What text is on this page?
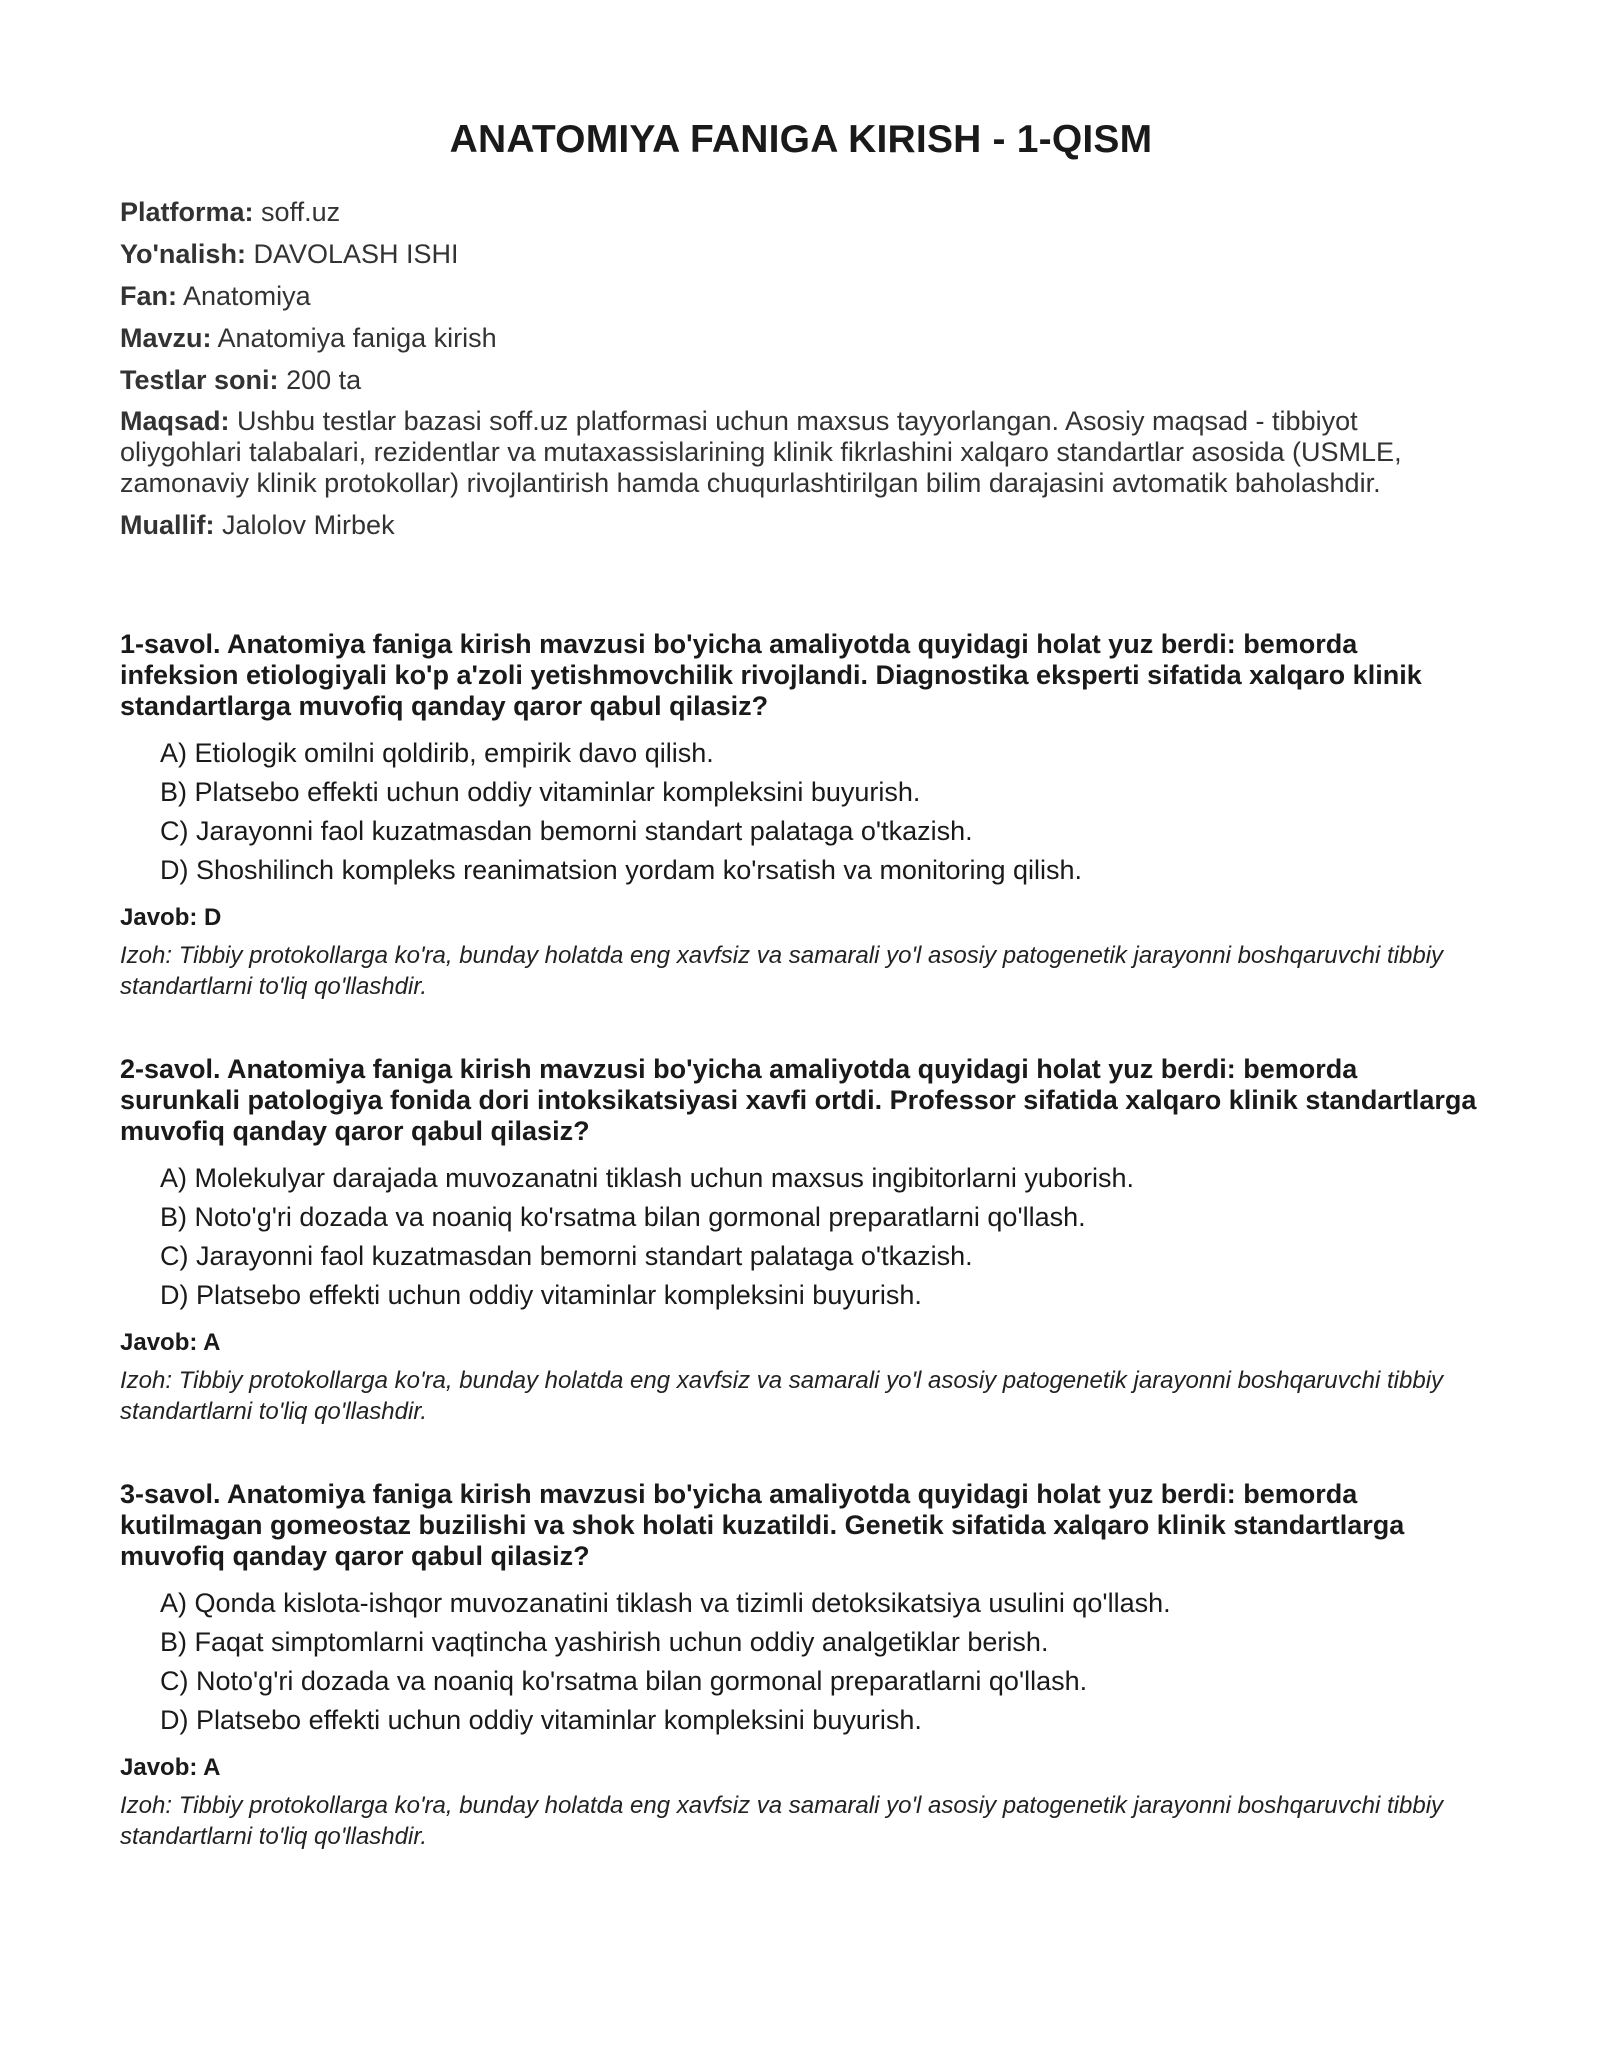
ANATOMIYA FANIGA KIRISH - 1-QISM

Platforma: soff.uz

Yo'nalish: DAVOLASH ISHI

Fan: Anatomiya

Mavzu: Anatomiya faniga kirish

Testlar soni: 200 ta

Maqsad: Ushbu testlar bazasi soff.uz platformasi uchun maxsus tayyorlangan. Asosiy maqsad - tibbiyot oliygohlari talabalari, rezidentlar va mutaxassislarining klinik fikrlashini xalqaro standartlar asosida (USMLE, zamonaviy klinik protokollar) rivojlantirish hamda chuqurlashtirilgan bilim darajasini avtomatik baholashdir.

Muallif: Jalolov Mirbek

1-savol. Anatomiya faniga kirish mavzusi bo'yicha amaliyotda quyidagi holat yuz berdi: bemorda infeksion etiologiyali ko'p a'zoli yetishmovchilik rivojlandi. Diagnostika eksperti sifatida xalqaro klinik standartlarga muvofiq qanday qaror qabul qilasiz?

A) Etiologik omilni qoldirib, empirik davo qilish.
B) Platsebo effekti uchun oddiy vitaminlar kompleksini buyurish.
C) Jarayonni faol kuzatmasdan bemorni standart palataga o'tkazish.
D) Shoshilinch kompleks reanimatsion yordam ko'rsatish va monitoring qilish.

Javob: D

Izoh: Tibbiy protokollarga ko'ra, bunday holatda eng xavfsiz va samarali yo'l asosiy patogenetik jarayonni boshqaruvchi tibbiy standartlarni to'liq qo'llashdir.

2-savol. Anatomiya faniga kirish mavzusi bo'yicha amaliyotda quyidagi holat yuz berdi: bemorda surunkali patologiya fonida dori intoksikatsiyasi xavfi ortdi. Professor sifatida xalqaro klinik standartlarga muvofiq qanday qaror qabul qilasiz?

A) Molekulyar darajada muvozanatni tiklash uchun maxsus ingibitorlarni yuborish.
B) Noto'g'ri dozada va noaniq ko'rsatma bilan gormonal preparatlarni qo'llash.
C) Jarayonni faol kuzatmasdan bemorni standart palataga o'tkazish.
D) Platsebo effekti uchun oddiy vitaminlar kompleksini buyurish.

Javob: A

Izoh: Tibbiy protokollarga ko'ra, bunday holatda eng xavfsiz va samarali yo'l asosiy patogenetik jarayonni boshqaruvchi tibbiy standartlarni to'liq qo'llashdir.

3-savol. Anatomiya faniga kirish mavzusi bo'yicha amaliyotda quyidagi holat yuz berdi: bemorda kutilmagan gomeostaz buzilishi va shok holati kuzatildi. Genetik sifatida xalqaro klinik standartlarga muvofiq qanday qaror qabul qilasiz?

A) Qonda kislota-ishqor muvozanatini tiklash va tizimli detoksikatsiya usulini qo'llash.
B) Faqat simptomlarni vaqtincha yashirish uchun oddiy analgetiklar berish.
C) Noto'g'ri dozada va noaniq ko'rsatma bilan gormonal preparatlarni qo'llash.
D) Platsebo effekti uchun oddiy vitaminlar kompleksini buyurish.

Javob: A

Izoh: Tibbiy protokollarga ko'ra, bunday holatda eng xavfsiz va samarali yo'l asosiy patogenetik jarayonni boshqaruvchi tibbiy standartlarni to'liq qo'llashdir.
